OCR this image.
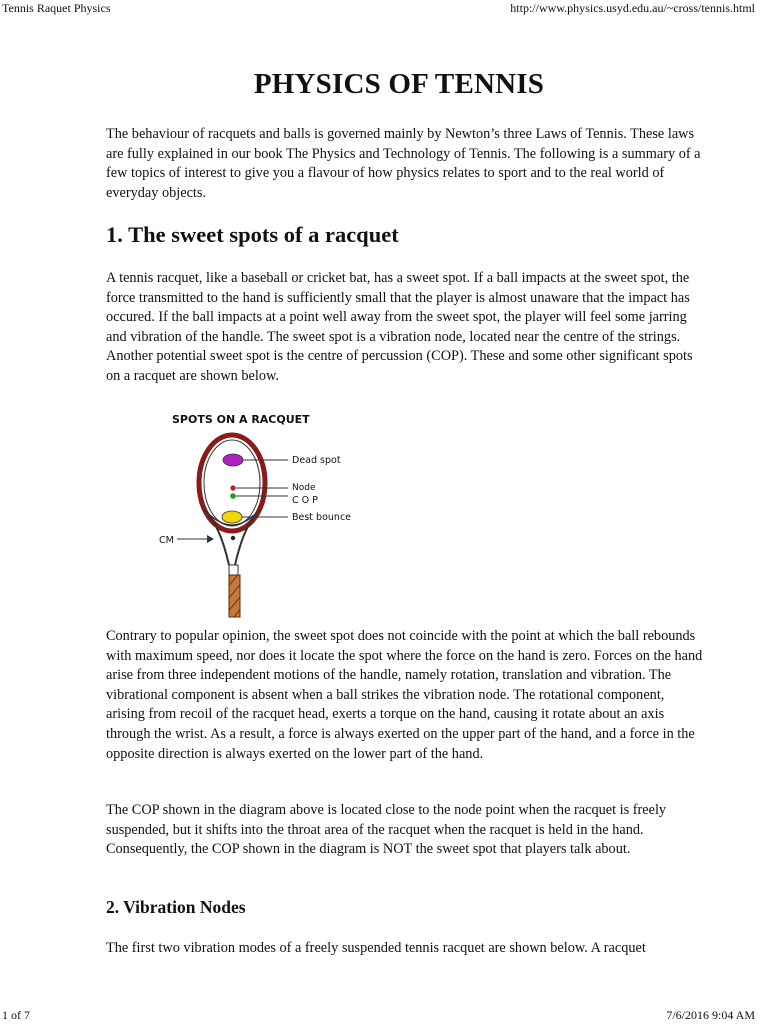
Tennis Raquet Physics	http://www.physics.usyd.edu.au/~cross/tennis.html
PHYSICS OF TENNIS

The behaviour of racquets and balls is governed mainly by Newton’s three Laws of Tennis. These laws are fully explained in our book The Physics and Technology of Tennis. The following is a summary of a few topics of interest to give you a flavour of how physics relates to sport and to the real world of everyday objects.

1. The sweet spots of a racquet

A tennis racquet, like a baseball or cricket bat, has a sweet spot. If a ball impacts at the sweet spot, the force transmitted to the hand is sufficiently small that the player is almost unaware that the impact has occured. If the ball impacts at a point well away from the sweet spot, the player will feel some jarring and vibration of the handle. The sweet spot is a vibration node, located near the centre of the strings. Another potential sweet spot is the centre of percussion (COP). These and some other significant spots on a racquet are shown below.

SPOTS ON A RACQUET
Dead spot
Node
C O P
Best bounce
CM

Contrary to popular opinion, the sweet spot does not coincide with the point at which the ball rebounds with maximum speed, nor does it locate the spot where the force on the hand is zero. Forces on the hand arise from three independent motions of the handle, namely rotation, translation and vibration. The vibrational component is absent when a ball strikes the vibration node. The rotational component, arising from recoil of the racquet head, exerts a torque on the hand, causing it rotate about an axis through the wrist. As a result, a force is always exerted on the upper part of the hand, and a force in the opposite direction is always exerted on the lower part of the hand.

The COP shown in the diagram above is located close to the node point when the racquet is freely suspended, but it shifts into the throat area of the racquet when the racquet is held in the hand. Consequently, the COP shown in the diagram is NOT the sweet spot that players talk about.

2. Vibration Nodes

The first two vibration modes of a freely suspended tennis racquet are shown below. A racquet

1 of 7	7/6/2016 9:04 AM
